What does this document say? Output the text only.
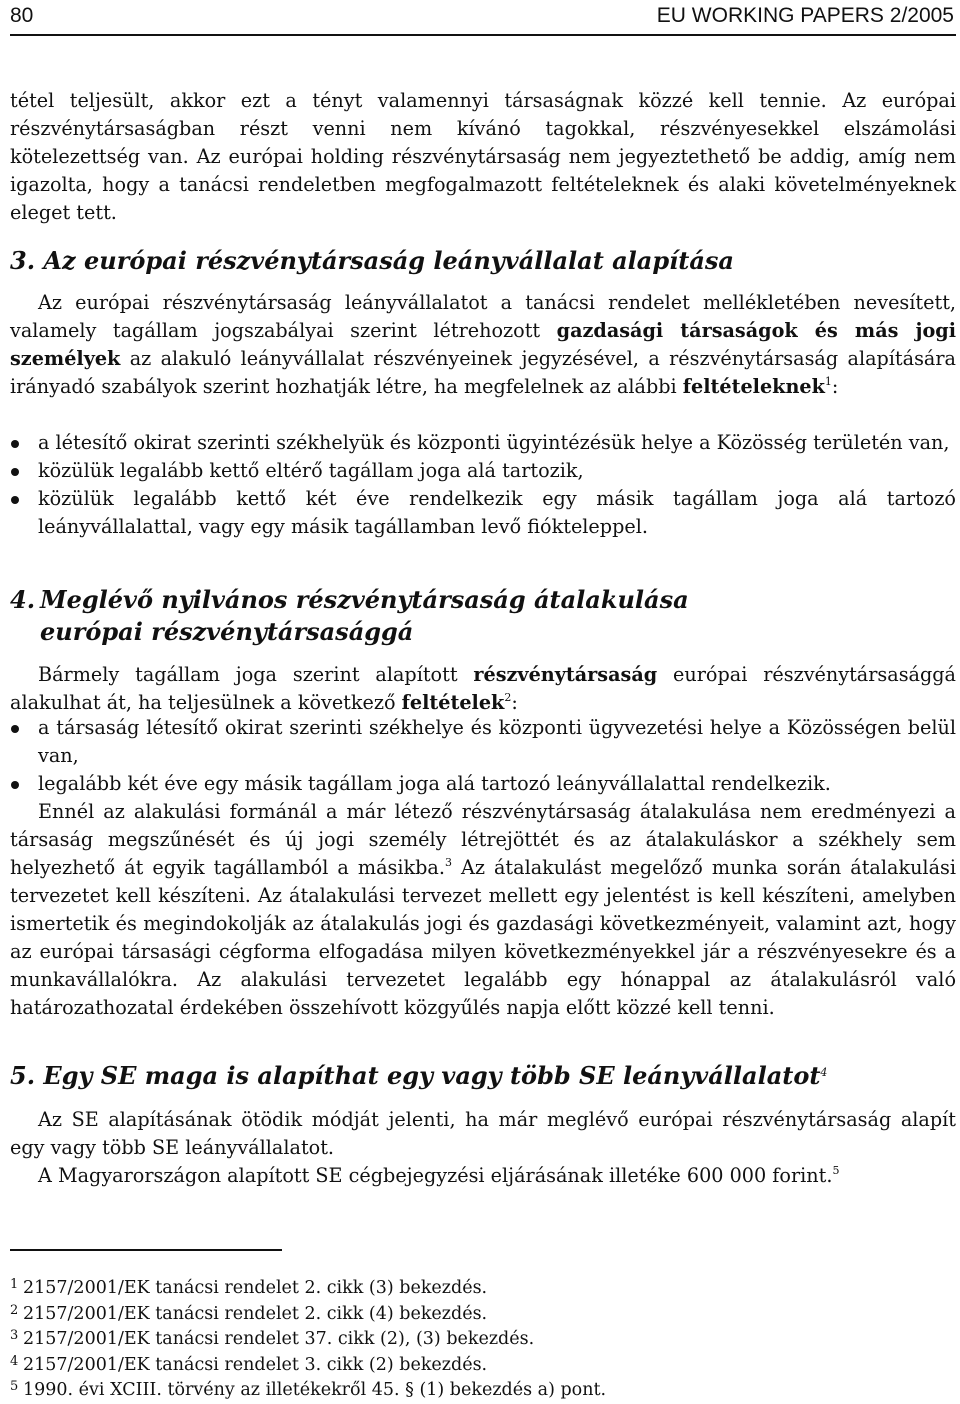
80	EU WORKING PAPERS 2/2005

tétel teljesült, akkor ezt a tényt valamennyi társaságnak közzé kell tennie. Az európai részvénytársaságban részt venni nem kívánó tagokkal, részvényesekkel elszámolási kötelezettség van. Az európai holding részvénytársaság nem jegyeztethető be addig, amíg nem igazolta, hogy a tanácsi rendeletben megfogalmazott feltételeknek és alaki követelményeknek eleget tett.

3. Az európai részvénytársaság leányvállalat alapítása

Az európai részvénytársaság leányvállalatot a tanácsi rendelet mellékletében nevesített, valamely tagállam jogszabályai szerint létrehozott gazdasági társaságok és más jogi személyek az alakuló leányvállalat részvényeinek jegyzésével, a részvénytársaság alapítására irányadó szabályok szerint hozhatják létre, ha megfelelnek az alábbi feltételeknek$^1$:

a létesítő okirat szerinti székhelyük és központi ügyintézésük helye a Közösség területén van,
közülük legalább kettő eltérő tagállam joga alá tartozik,
közülük legalább kettő két éve rendelkezik egy másik tagállam joga alá tartozó leányvállalattal, vagy egy másik tagállamban levő fiókteleppel.
4. Meglévő nyilvános részvénytársaság átalakulása
európai részvénytársasággá

Bármely tagállam joga szerint alapított részvénytársaság európai részvénytársasággá alakulhat át, ha teljesülnek a következő feltételek$^2$:

a társaság létesítő okirat szerinti székhelye és központi ügyvezetési helye a Közösségen belül van,
legalább két éve egy másik tagállam joga alá tartozó leányvállalattal rendelkezik.

Ennél az alakulási formánál a már létező részvénytársaság átalakulása nem eredményezi a társaság megszűnését és új jogi személy létrejöttét és az átalakuláskor a székhely sem helyezhető át egyik tagállamból a másikba.$^3$ Az átalakulást megelőző munka során átalakulási tervezetet kell készíteni. Az átalakulási tervezet mellett egy jelentést is kell készíteni, amelyben ismertetik és megindokolják az átalakulás jogi és gazdasági következményeit, valamint azt, hogy az európai társasági cégforma elfogadása milyen következményekkel jár a részvényesekre és a munkavállalókra. Az alakulási tervezetet legalább egy hónappal az átalakulásról való határozathozatal érdekében összehívott közgyűlés napja előtt közzé kell tenni.

5. Egy SE maga is alapíthat egy vagy több SE leányvállalatot$^4$

Az SE alapításának ötödik módját jelenti, ha már meglévő európai részvénytársaság alapít egy vagy több SE leányvállalatot.

A Magyarországon alapított SE cégbejegyzési eljárásának illetéke 600 000 forint.$^5$

1 2157/2001/EK tanácsi rendelet 2. cikk (3) bekezdés.
2 2157/2001/EK tanácsi rendelet 2. cikk (4) bekezdés.
3 2157/2001/EK tanácsi rendelet 37. cikk (2), (3) bekezdés.
4 2157/2001/EK tanácsi rendelet 3. cikk (2) bekezdés.
5 1990. évi XCIII. törvény az illetékekről 45. § (1) bekezdés a) pont.
